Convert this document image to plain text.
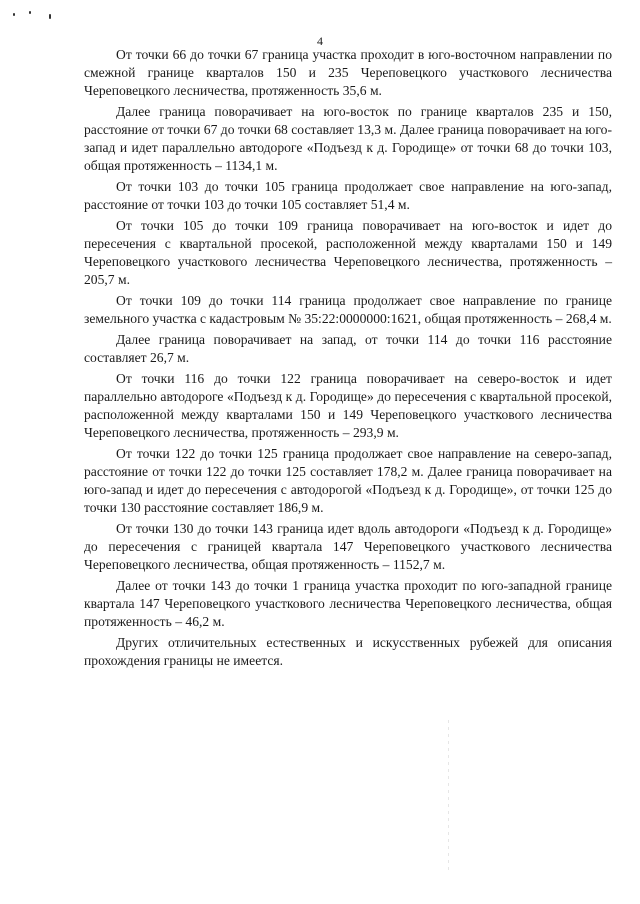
4

От точки 66 до точки 67 граница участка проходит в юго-восточном направлении по смежной границе кварталов 150 и 235 Череповецкого участкового лесничества Череповецкого лесничества, протяженность 35,6 м.

Далее граница поворачивает на юго-восток по границе кварталов 235 и 150, расстояние от точки 67 до точки 68 составляет 13,3 м. Далее граница поворачивает на юго-запад и идет параллельно автодороге «Подъезд к д. Городище» от точки 68 до точки 103, общая протяженность – 1134,1 м.

От точки 103 до точки 105 граница продолжает свое направление на юго-запад, расстояние от точки 103 до точки 105 составляет 51,4 м.

От точки 105 до точки 109 граница поворачивает на юго-восток и идет до пересечения с квартальной просекой, расположенной между кварталами 150 и 149 Череповецкого участкового лесничества Череповецкого лесничества, протяженность – 205,7 м.

От точки 109 до точки 114 граница продолжает свое направление по границе земельного участка с кадастровым № 35:22:0000000:1621, общая протяженность – 268,4 м.

Далее граница поворачивает на запад, от точки 114 до точки 116 расстояние составляет 26,7 м.

От точки 116 до точки 122 граница поворачивает на северо-восток и идет параллельно автодороге «Подъезд к д. Городище» до пересечения с квартальной просекой, расположенной между кварталами 150 и 149 Череповецкого участкового лесничества Череповецкого лесничества, протяженность – 293,9 м.

От точки 122 до точки 125 граница продолжает свое направление на северо-запад, расстояние от точки 122 до точки 125 составляет 178,2 м. Далее граница поворачивает на юго-запад и идет до пересечения с автодорогой «Подъезд к д. Городище», от точки 125 до точки 130 расстояние составляет 186,9 м.

От точки 130 до точки 143 граница идет вдоль автодороги «Подъезд к д. Городище» до пересечения с границей квартала 147 Череповецкого участкового лесничества Череповецкого лесничества, общая протяженность – 1152,7 м.

Далее от точки 143 до точки 1 граница участка проходит по юго-западной границе квартала 147 Череповецкого участкового лесничества Череповецкого лесничества, общая протяженность – 46,2 м.

Других отличительных естественных и искусственных рубежей для описания прохождения границы не имеется.
